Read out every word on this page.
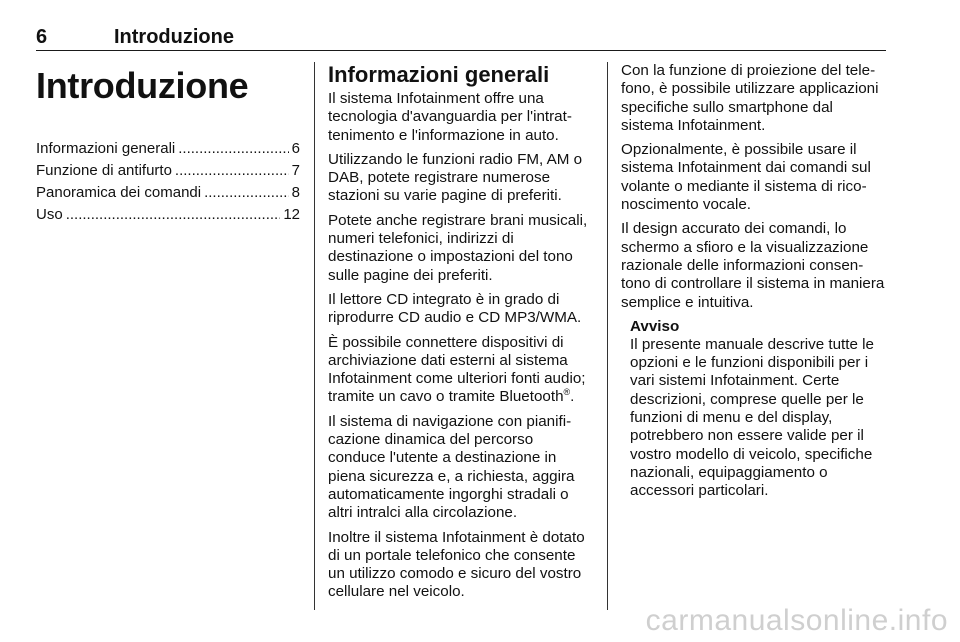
6	Introduzione
Introduzione
Informazioni generali .....	6
Funzione di antifurto .....	7
Panoramica dei comandi .....	8
Uso .....	12
Informazioni generali

Il sistema Infotainment offre una tecnologia d'avanguardia per l'intrattenimento e l'informazione in auto.

Utilizzando le funzioni radio FM, AM o DAB, potete registrare numerose stazioni su varie pagine di preferiti.

Potete anche registrare brani musicali, numeri telefonici, indirizzi di destinazione o impostazioni del tono sulle pagine dei preferiti.

Il lettore CD integrato è in grado di riprodurre CD audio e CD MP3/WMA.

È possibile connettere dispositivi di archiviazione dati esterni al sistema Infotainment come ulteriori fonti audio; tramite un cavo o tramite Bluetooth®.

Il sistema di navigazione con pianificazione dinamica del percorso conduce l'utente a destinazione in piena sicurezza e, a richiesta, aggira automaticamente ingorghi stradali o altri intralci alla circolazione.

Inoltre il sistema Infotainment è dotato di un portale telefonico che consente un utilizzo comodo e sicuro del vostro cellulare nel veicolo.

Con la funzione di proiezione del telefono, è possibile utilizzare applicazioni specifiche sullo smartphone dal sistema Infotainment.

Opzionalmente, è possibile usare il sistema Infotainment dai comandi sul volante o mediante il sistema di riconoscimento vocale.

Il design accurato dei comandi, lo schermo a sfioro e la visualizzazione razionale delle informazioni consentono di controllare il sistema in maniera semplice e intuitiva.

Avviso

Il presente manuale descrive tutte le opzioni e le funzioni disponibili per i vari sistemi Infotainment. Certe descrizioni, comprese quelle per le funzioni di menu e del display, potrebbero non essere valide per il vostro modello di veicolo, specifiche nazionali, equipaggiamento o accessori particolari.

carmanualsonline.info
